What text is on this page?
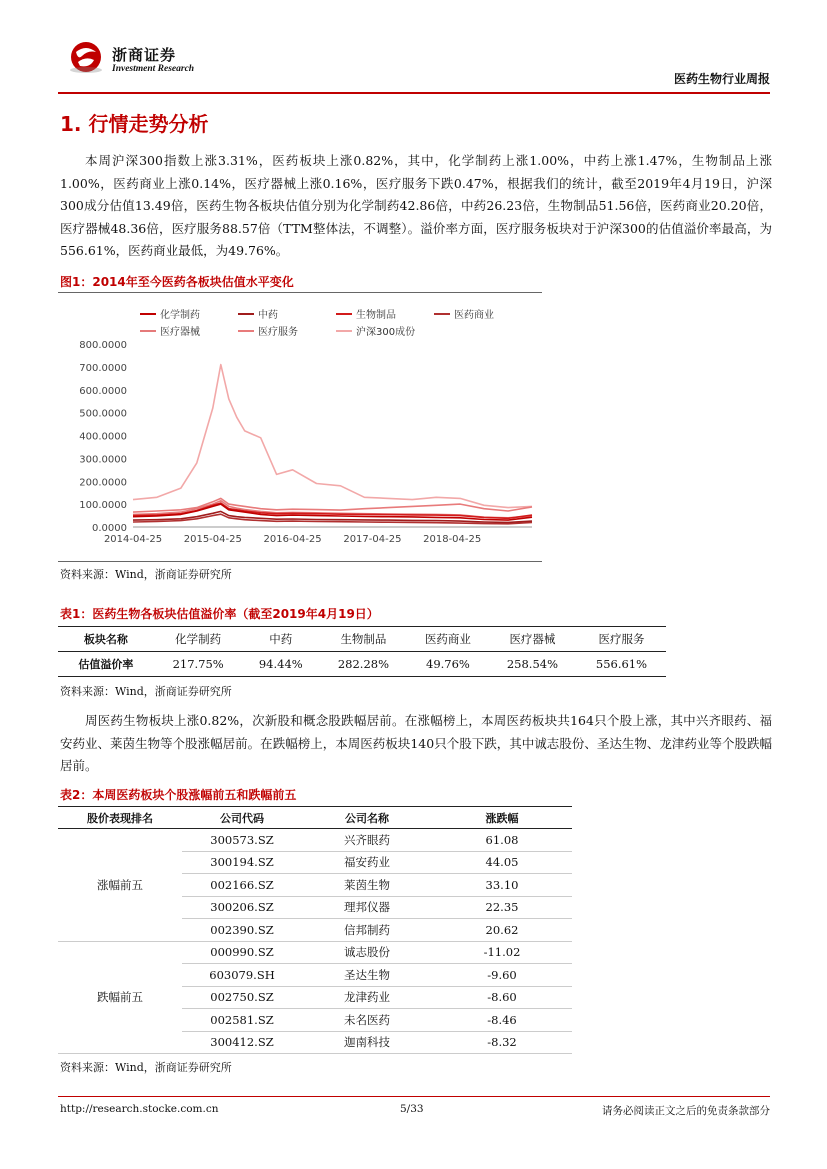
浙商证券
Investment Research
医药生物行业周报
1. 行情走势分析

本周沪深300指数上涨3.31%，医药板块上涨0.82%，其中，化学制药上涨1.00%，中药上涨1.47%，生物制品上涨1.00%，医药商业上涨0.14%，医疗器械上涨0.16%，医疗服务下跌0.47%，根据我们的统计，截至2019年4月19日，沪深300成分估值13.49倍，医药生物各板块估值分别为化学制药42.86倍，中药26.23倍，生物制品51.56倍，医药商业20.20倍，医疗器械48.36倍，医疗服务88.57倍（TTM整体法，不调整）。溢价率方面，医疗服务板块对于沪深300的估值溢价率最高，为556.61%，医药商业最低，为49.76%。

图1：2014年至今医药各板块估值水平变化
化学制药	中药	生物制品	医药商业
医疗器械	医疗服务	沪深300成份
800.0000
700.0000
600.0000
500.0000
400.0000
300.0000
200.0000
100.0000
0.0000
2014-04-25 2015-04-25 2016-04-25 2017-04-25 2018-04-25
资料来源：Wind，浙商证券研究所
表1：医药生物各板块估值溢价率（截至2019年4月19日）
板块名称	化学制药	中药	生物制品	医药商业	医疗器械	医疗服务
估值溢价率	217.75%	94.44%	282.28%	49.76%	258.54%	556.61%
资料来源：Wind，浙商证券研究所

周医药生物板块上涨0.82%，次新股和概念股跌幅居前。在涨幅榜上，本周医药板块共164只个股上涨，其中兴齐眼药、福安药业、莱茵生物等个股涨幅居前。在跌幅榜上，本周医药板块140只个股下跌，其中诚志股份、圣达生物、龙津药业等个股跌幅居前。

表2：本周医药板块个股涨幅前五和跌幅前五
股价表现排名	公司代码	公司名称	涨跌幅
涨幅前五	300573.SZ	兴齐眼药	61.08
	300194.SZ	福安药业	44.05
	002166.SZ	莱茵生物	33.10
	300206.SZ	理邦仪器	22.35
	002390.SZ	信邦制药	20.62
跌幅前五	000990.SZ	诚志股份	-11.02
	603079.SH	圣达生物	-9.60
	002750.SZ	龙津药业	-8.60
	002581.SZ	未名医药	-8.46
	300412.SZ	迦南科技	-8.32
资料来源：Wind，浙商证券研究所
http://research.stocke.com.cn	5/33	请务必阅读正文之后的免责条款部分
